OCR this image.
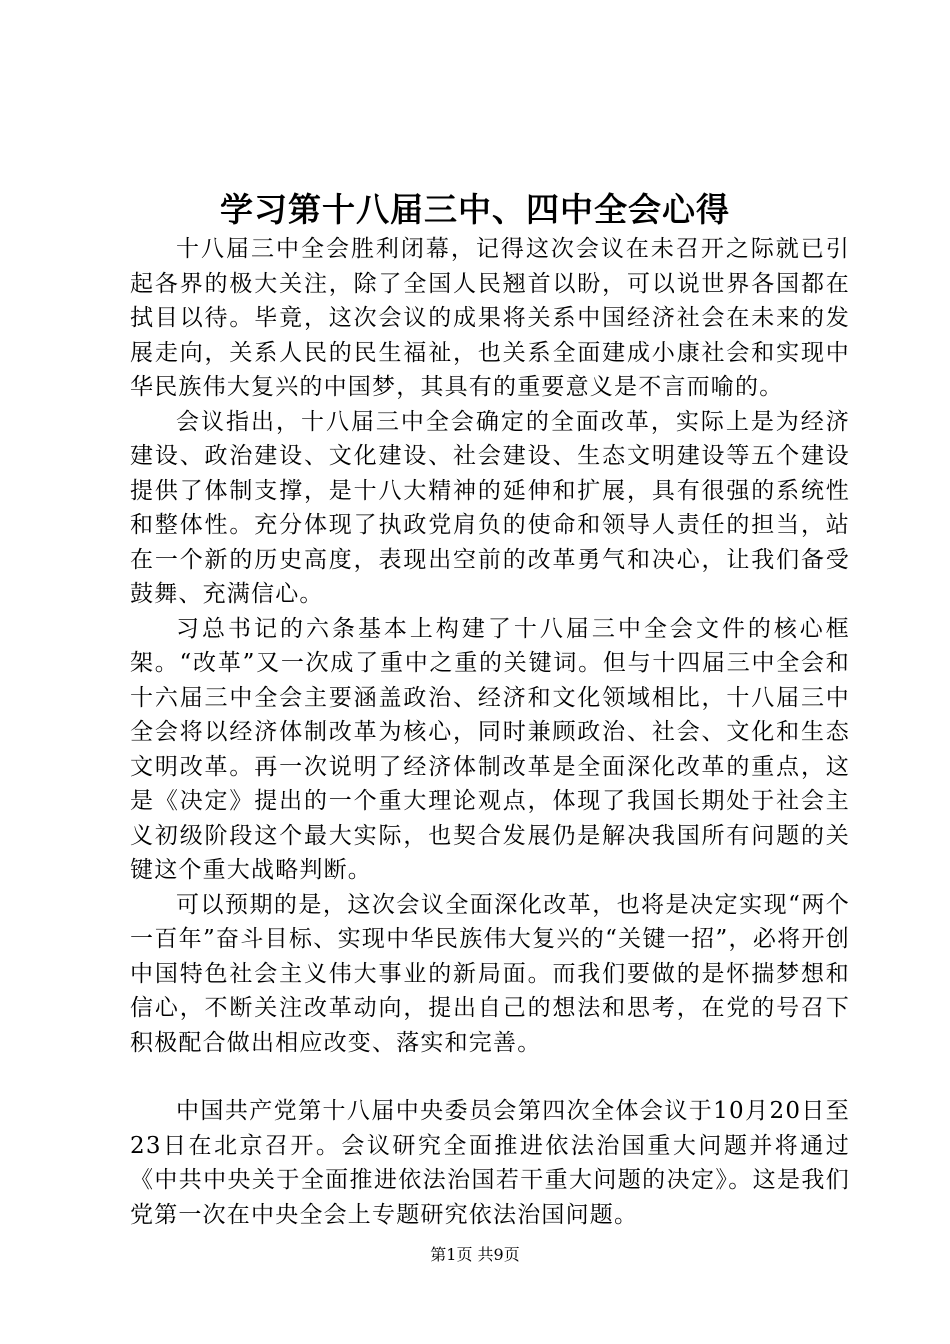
学习第十八届三中、四中全会心得

十八届三中全会胜利闭幕，记得这次会议在未召开之际就已引起各界的极大关注，除了全国人民翘首以盼，可以说世界各国都在拭目以待。毕竟，这次会议的成果将关系中国经济社会在未来的发展走向，关系人民的民生福祉，也关系全面建成小康社会和实现中华民族伟大复兴的中国梦，其具有的重要意义是不言而喻的。

会议指出，十八届三中全会确定的全面改革，实际上是为经济建设、政治建设、文化建设、社会建设、生态文明建设等五个建设提供了体制支撑，是十八大精神的延伸和扩展，具有很强的系统性和整体性。充分体现了执政党肩负的使命和领导人责任的担当，站在一个新的历史高度，表现出空前的改革勇气和决心，让我们备受鼓舞、充满信心。

习总书记的六条基本上构建了十八届三中全会文件的核心框架。“改革”又一次成了重中之重的关键词。但与十四届三中全会和十六届三中全会主要涵盖政治、经济和文化领域相比，十八届三中全会将以经济体制改革为核心，同时兼顾政治、社会、文化和生态文明改革。再一次说明了经济体制改革是全面深化改革的重点，这是《决定》提出的一个重大理论观点，体现了我国长期处于社会主义初级阶段这个最大实际，也契合发展仍是解决我国所有问题的关键这个重大战略判断。

可以预期的是，这次会议全面深化改革，也将是决定实现“两个一百年”奋斗目标、实现中华民族伟大复兴的“关键一招”，必将开创中国特色社会主义伟大事业的新局面。而我们要做的是怀揣梦想和信心，不断关注改革动向，提出自己的想法和思考，在党的号召下积极配合做出相应改变、落实和完善。

中国共产党第十八届中央委员会第四次全体会议于10月20日至23日在北京召开。会议研究全面推进依法治国重大问题并将通过《中共中央关于全面推进依法治国若干重大问题的决定》。这是我们党第一次在中央全会上专题研究依法治国问题。

第1页 共9页
